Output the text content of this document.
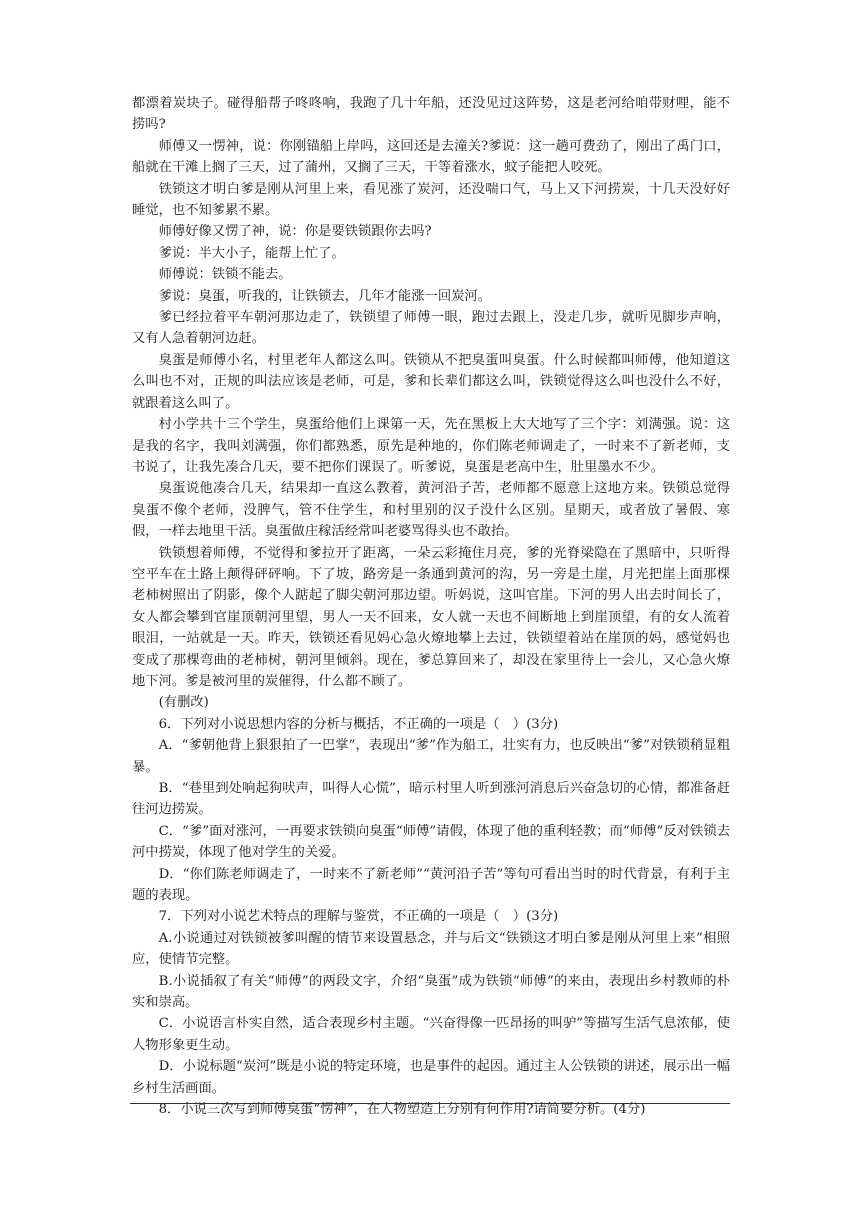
都漂着炭块子。碰得船帮子咚咚响，我跑了几十年船，还没见过这阵势，这是老河给咱带财哩，能不捞吗?

师傅又一愣神，说：你刚锚船上岸吗，这回还是去潼关?爹说：这一趟可费劲了，刚出了禹门口，船就在干滩上搁了三天，过了蒲州，又搁了三天，干等着涨水，蚊子能把人咬死。

铁锁这才明白爹是刚从河里上来，看见涨了炭河，还没喘口气，马上又下河捞炭，十几天没好好睡觉，也不知爹累不累。

师傅好像又愣了神，说：你是要铁锁跟你去吗?

爹说：半大小子，能帮上忙了。

师傅说：铁锁不能去。

爹说：臭蛋，听我的，让铁锁去，几年才能涨一回炭河。

爹已经拉着平车朝河那边走了，铁锁望了师傅一眼，跑过去跟上，没走几步，就听见脚步声响，又有人急着朝河边赶。

臭蛋是师傅小名，村里老年人都这么叫。铁锁从不把臭蛋叫臭蛋。什么时候都叫师傅，他知道这么叫也不对，正规的叫法应该是老师，可是，爹和长辈们都这么叫，铁锁觉得这么叫也没什么不好，就跟着这么叫了。

村小学共十三个学生，臭蛋给他们上课第一天，先在黑板上大大地写了三个字：刘满强。说：这是我的名字，我叫刘满强，你们都熟悉，原先是种地的，你们陈老师调走了，一时来不了新老师，支书说了，让我先凑合几天，要不把你们课误了。听爹说，臭蛋是老高中生，肚里墨水不少。

臭蛋说他凑合几天，结果却一直这么教着，黄河沿子苦，老师都不愿意上这地方来。铁锁总觉得臭蛋不像个老师，没脾气，管不住学生，和村里别的汉子没什么区别。星期天，或者放了暑假、寒假，一样去地里干活。臭蛋做庄稼活经常叫老婆骂得头也不敢抬。

铁锁想着师傅，不觉得和爹拉开了距离，一朵云彩掩住月亮，爹的光脊梁隐在了黑暗中，只听得空平车在土路上颠得砰砰响。下了坡，路旁是一条通到黄河的沟，另一旁是土崖，月光把崖上面那棵老柿树照出了阴影，像个人踮起了脚尖朝河那边望。听妈说，这叫官崖。下河的男人出去时间长了，女人都会攀到官崖顶朝河里望，男人一天不回来，女人就一天也不间断地上到崖顶望，有的女人流着眼泪，一站就是一天。昨天，铁锁还看见妈心急火燎地攀上去过，铁锁望着站在崖顶的妈，感觉妈也变成了那棵弯曲的老柿树，朝河里倾斜。现在，爹总算回来了，却没在家里待上一会儿，又心急火燎地下河。爹是被河里的炭催得，什么都不顾了。

(有删改)

6．下列对小说思想内容的分析与概括，不正确的一项是（　）(3分)

A．“爹朝他背上狠狠拍了一巴掌”，表现出“爹”作为船工，壮实有力，也反映出“爹”对铁锁稍显粗暴。

B．“巷里到处响起狗吠声，叫得人心慌”，暗示村里人听到涨河消息后兴奋急切的心情，都准备赶往河边捞炭。

C．“爹”面对涨河，一再要求铁锁向臭蛋“师傅”请假，体现了他的重利轻教；而“师傅”反对铁锁去河中捞炭，体现了他对学生的关爱。

D．“你们陈老师调走了，一时来不了新老师”“黄河沿子苦”等句可看出当时的时代背景，有利于主题的表现。

7．下列对小说艺术特点的理解与鉴赏，不正确的一项是（　）(3分)

A.小说通过对铁锁被爹叫醒的情节来设置悬念，并与后文“铁锁这才明白爹是刚从河里上来”相照应，使情节完整。

B.小说插叙了有关“师傅”的两段文字，介绍“臭蛋”成为铁锁“师傅”的来由，表现出乡村教师的朴实和崇高。

C．小说语言朴实自然，适合表现乡村主题。“兴奋得像一匹昂扬的叫驴”等描写生活气息浓郁，使人物形象更生动。

D．小说标题“炭河”既是小说的特定环境，也是事件的起因。通过主人公铁锁的讲述，展示出一幅乡村生活画面。

8．小说三次写到师傅臭蛋“愣神”，在人物塑造上分别有何作用?请简要分析。(4分)
